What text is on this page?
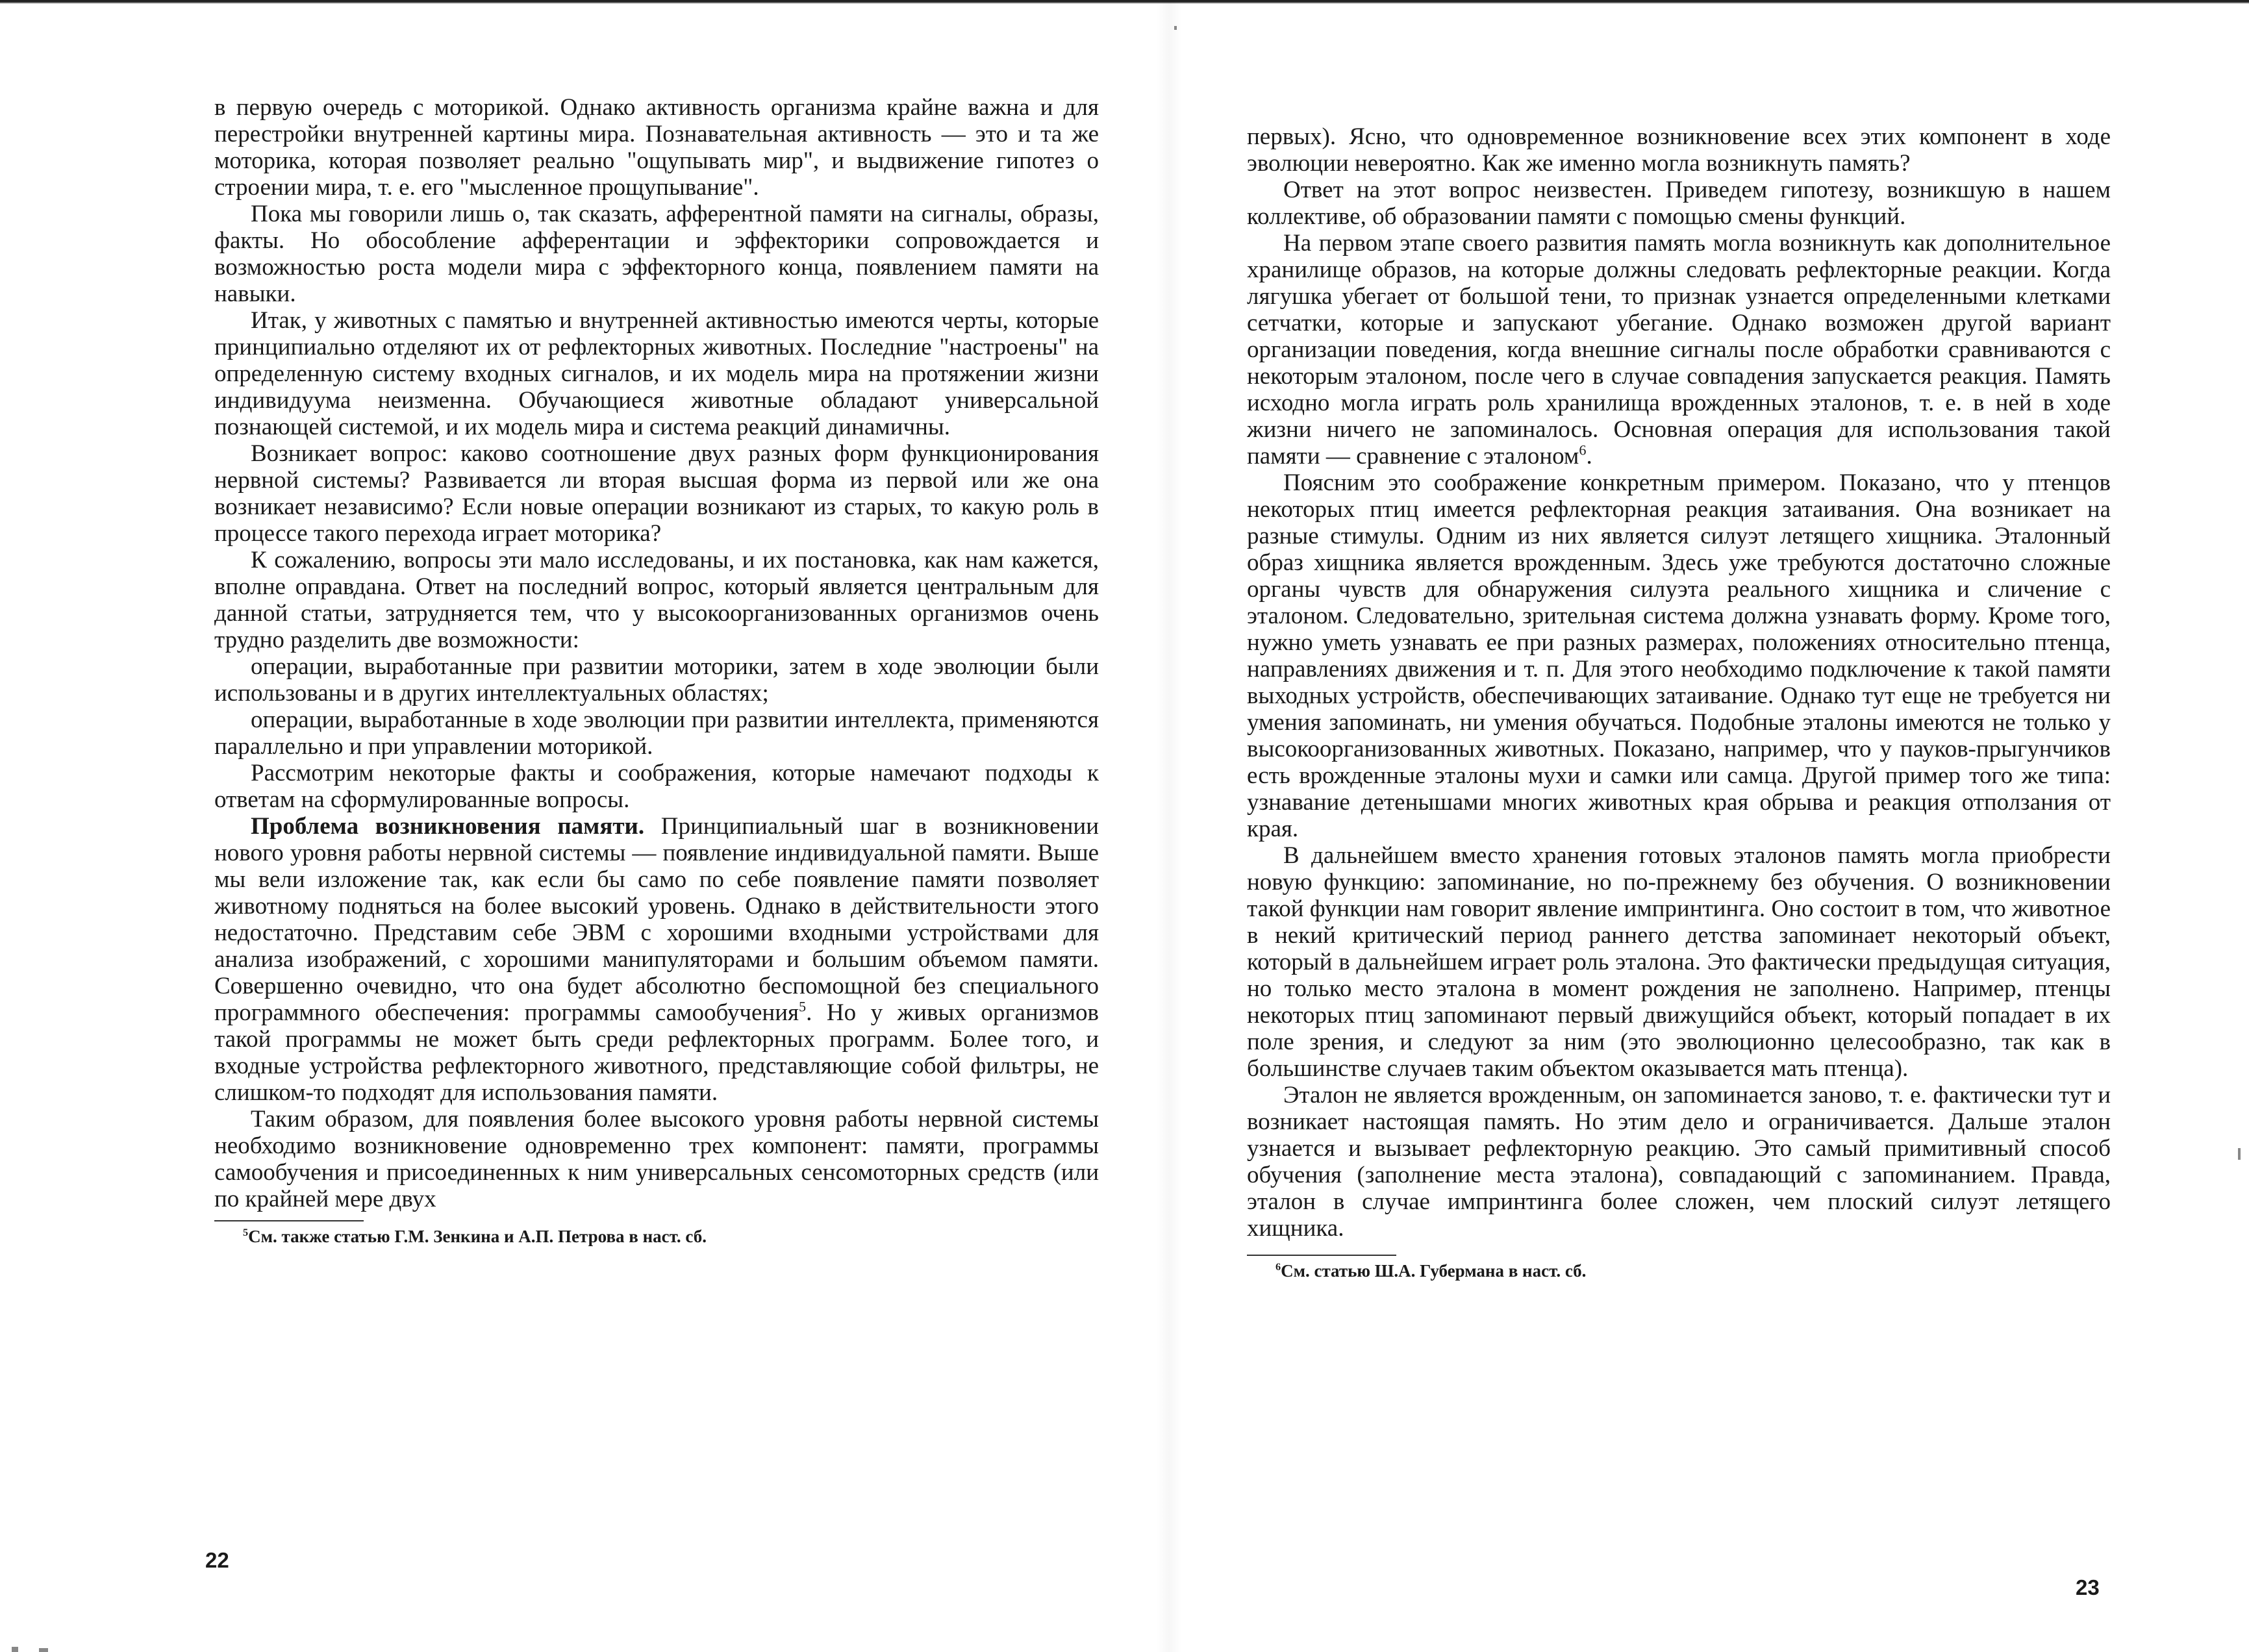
в первую очередь с моторикой. Однако активность организма крайне важна и для перестройки внутренней картины мира. Познавательная активность — это и та же моторика, которая позволяет реально "ощупывать мир", и выдвижение гипотез о строении мира, т. е. его "мысленное прощупывание".

Пока мы говорили лишь о, так сказать, афферентной памяти на сигналы, образы, факты. Но обособление афферентации и эффекторики сопровождается и возможностью роста модели мира с эффекторного конца, появлением памяти на навыки.

Итак, у животных с памятью и внутренней активностью имеются черты, которые принципиально отделяют их от рефлекторных животных. Последние "настроены" на определенную систему входных сигналов, и их модель мира на протяжении жизни индивидуума неизменна. Обучающиеся животные обладают универсальной познающей системой, и их модель мира и система реакций динамичны.

Возникает вопрос: каково соотношение двух разных форм функционирования нервной системы? Развивается ли вторая высшая форма из первой или же она возникает независимо? Если новые операции возникают из старых, то какую роль в процессе такого перехода играет моторика?

К сожалению, вопросы эти мало исследованы, и их постановка, как нам кажется, вполне оправдана. Ответ на последний вопрос, который является центральным для данной статьи, затрудняется тем, что у высокоорганизованных организмов очень трудно разделить две возможности:

операции, выработанные при развитии моторики, затем в ходе эволюции были использованы и в других интеллектуальных областях;

операции, выработанные в ходе эволюции при развитии интеллекта, применяются параллельно и при управлении моторикой.

Рассмотрим некоторые факты и соображения, которые намечают подходы к ответам на сформулированные вопросы.

Проблема возникновения памяти. Принципиальный шаг в возникновении нового уровня работы нервной системы — появление индивидуальной памяти. Выше мы вели изложение так, как если бы само по себе появление памяти позволяет животному подняться на более высокий уровень. Однако в действительности этого недостаточно. Представим себе ЭВМ с хорошими входными устройствами для анализа изображений, с хорошими манипуляторами и большим объемом памяти. Совершенно очевидно, что она будет абсолютно беспомощной без специального программного обеспечения: программы самообучения$^5$. Но у живых организмов такой программы не может быть среди рефлекторных программ. Более того, и входные устройства рефлекторного животного, представляющие собой фильтры, не слишком-то подходят для использования памяти.

Таким образом, для появления более высокого уровня работы нервной системы необходимо возникновение одновременно трех компонент: памяти, программы самообучения и присоединенных к ним универсальных сенсомоторных средств (или по крайней мере двух

$^5$См. также статью Г.М. Зенкина и А.П. Петрова в наст. сб.

22

первых). Ясно, что одновременное возникновение всех этих компонент в ходе эволюции невероятно. Как же именно могла возникнуть память?

Ответ на этот вопрос неизвестен. Приведем гипотезу, возникшую в нашем коллективе, об образовании памяти с помощью смены функций.

На первом этапе своего развития память могла возникнуть как дополнительное хранилище образов, на которые должны следовать рефлекторные реакции. Когда лягушка убегает от большой тени, то признак узнается определенными клетками сетчатки, которые и запускают убегание. Однако возможен другой вариант организации поведения, когда внешние сигналы после обработки сравниваются с некоторым эталоном, после чего в случае совпадения запускается реакция. Память исходно могла играть роль хранилища врожденных эталонов, т. е. в ней в ходе жизни ничего не запоминалось. Основная операция для использования такой памяти — сравнение с эталоном$^6$.

Поясним это соображение конкретным примером. Показано, что у птенцов некоторых птиц имеется рефлекторная реакция затаивания. Она возникает на разные стимулы. Одним из них является силуэт летящего хищника. Эталонный образ хищника является врожденным. Здесь уже требуются достаточно сложные органы чувств для обнаружения силуэта реального хищника и сличение с эталоном. Следовательно, зрительная система должна узнавать форму. Кроме того, нужно уметь узнавать ее при разных размерах, положениях относительно птенца, направлениях движения и т. п. Для этого необходимо подключение к такой памяти выходных устройств, обеспечивающих затаивание. Однако тут еще не требуется ни умения запоминать, ни умения обучаться. Подобные эталоны имеются не только у высокоорганизованных животных. Показано, например, что у пауков-прыгунчиков есть врожденные эталоны мухи и самки или самца. Другой пример того же типа: узнавание детенышами многих животных края обрыва и реакция отползания от края.

В дальнейшем вместо хранения готовых эталонов память могла приобрести новую функцию: запоминание, но по-прежнему без обучения. О возникновении такой функции нам говорит явление импринтинга. Оно состоит в том, что животное в некий критический период раннего детства запоминает некоторый объект, который в дальнейшем играет роль эталона. Это фактически предыдущая ситуация, но только место эталона в момент рождения не заполнено. Например, птенцы некоторых птиц запоминают первый движущийся объект, который попадает в их поле зрения, и следуют за ним (это эволюционно целесообразно, так как в большинстве случаев таким объектом оказывается мать птенца).

Эталон не является врожденным, он запоминается заново, т. е. фактически тут и возникает настоящая память. Но этим дело и ограничивается. Дальше эталон узнается и вызывает рефлекторную реакцию. Это самый примитивный способ обучения (заполнение места эталона), совпадающий с запоминанием. Правда, эталон в случае импринтинга более сложен, чем плоский силуэт летящего хищника.

$^6$См. статью Ш.А. Губермана в наст. сб.

23
